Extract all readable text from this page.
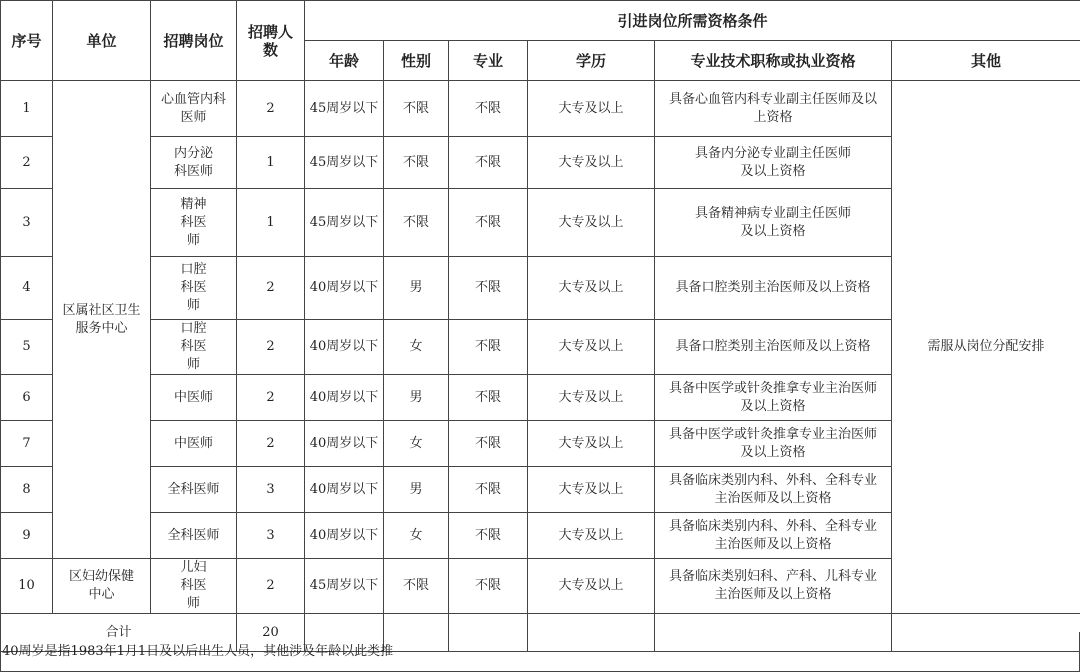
序号	单位	招聘岗位	招聘人数	引进岗位所需资格条件					
				年龄	性别	专业	学历	专业技术职称或执业资格	其他
1	区属社区卫生服务中心	心血管内科医师	2	45周岁以下	不限	不限	大专及以上	具备心血管内科专业副主任医师及以上资格	需服从岗位分配安排
2		内分泌科医师	1	45周岁以下	不限	不限	大专及以上	具备内分泌专业副主任医师及以上资格	
3		精神科医师	1	45周岁以下	不限	不限	大专及以上	具备精神病专业副主任医师及以上资格	
4		口腔科医师	2	40周岁以下	男	不限	大专及以上	具备口腔类别主治医师及以上资格	
5		口腔科医师	2	40周岁以下	女	不限	大专及以上	具备口腔类别主治医师及以上资格	
6		中医师	2	40周岁以下	男	不限	大专及以上	具备中医学或针灸推拿专业主治医师及以上资格	
7		中医师	2	40周岁以下	女	不限	大专及以上	具备中医学或针灸推拿专业主治医师及以上资格	
8		全科医师	3	40周岁以下	男	不限	大专及以上	具备临床类别内科、外科、全科专业主治医师及以上资格	
9		全科医师	3	40周岁以下	女	不限	大专及以上	具备临床类别内科、外科、全科专业主治医师及以上资格	
10	区妇幼保健中心	儿妇科医师	2	45周岁以下	不限	不限	大专及以上	具备临床类别妇科、产科、儿科专业主治医师及以上资格	
合计			20						
40周岁是指1983年1月1日及以后出生人员，其他涉及年龄以此类推
